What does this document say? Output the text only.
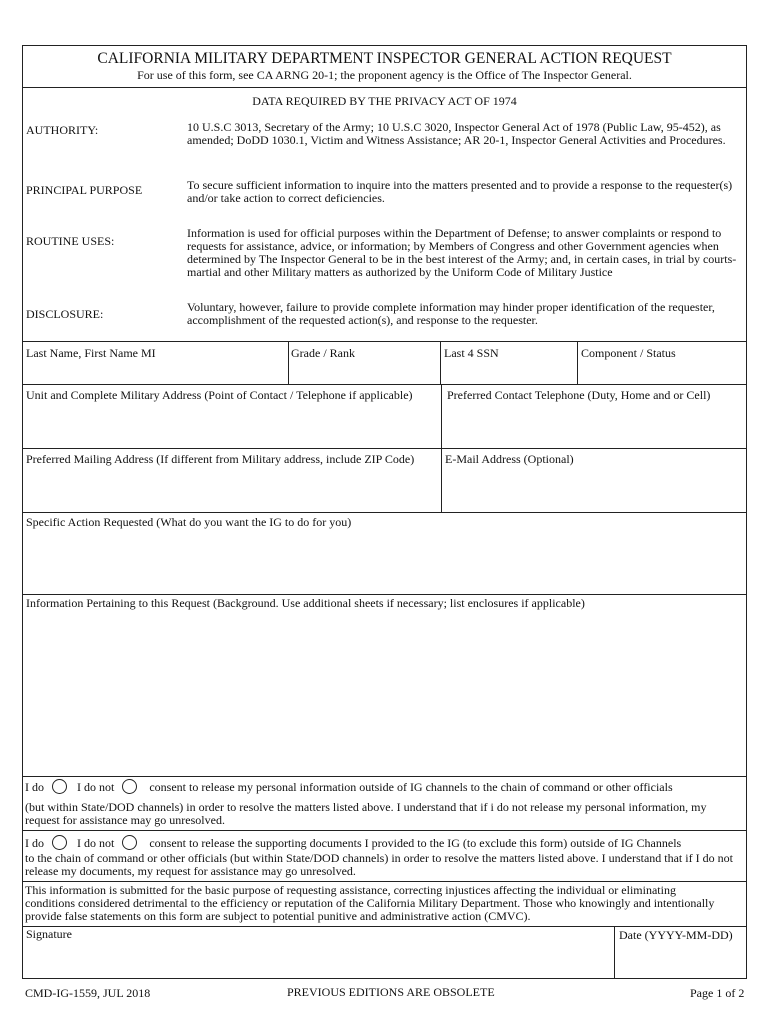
CALIFORNIA MILITARY DEPARTMENT INSPECTOR GENERAL ACTION REQUEST
For use of this form, see CA ARNG 20-1; the proponent agency is the Office of The Inspector General.
DATA REQUIRED BY THE PRIVACY ACT OF 1974
AUTHORITY:	10 U.S.C 3013, Secretary of the Army; 10 U.S.C 3020, Inspector General Act of 1978 (Public Law, 95-452), as amended; DoDD 1030.1, Victim and Witness Assistance; AR 20-1, Inspector General Activities and Procedures.
PRINCIPAL PURPOSE	To secure sufficient information to inquire into the matters presented and to provide a response to the requester(s) and/or take action to correct deficiencies.
ROUTINE USES:
Information is used for official purposes within the Department of Defense; to answer complaints or respond to requests for assistance, advice, or information; by Members of Congress and other Government agencies when determined by The Inspector General to be in the best interest of the Army; and, in certain cases, in trial by courts-martial and other Military matters as authorized by the Uniform Code of Military Justice
DISCLOSURE:	Voluntary, however, failure to provide complete information may hinder proper identification of the requester, accomplishment of the requested action(s), and response to the requester.
Last Name, First Name MI	Grade / Rank	Last 4 SSN	Component / Status
Unit and Complete Military Address (Point of Contact / Telephone if applicable)	Preferred Contact Telephone (Duty, Home and or Cell)
Preferred Mailing Address (If different from Military address, include ZIP Code)	E-Mail Address (Optional)
Specific Action Requested (What do you want the IG to do for you)
Information Pertaining to this Request (Background. Use additional sheets if necessary; list enclosures if applicable)
I do	I do not	consent to release my personal information outside of IG channels to the chain of command or other officials
(but within State/DOD channels) in order to resolve the matters listed above. I understand that if i do not release my personal information, my request for assistance may go unresolved.
I do	I do not	consent to release the supporting documents I provided to the IG (to exclude this form) outside of IG Channels
to the chain of command or other officials (but within State/DOD channels) in order to resolve the matters listed above. I understand that if I do not release my documents, my request for assistance may go unresolved.
This information is submitted for the basic purpose of requesting assistance, correcting injustices affecting the individual or eliminating conditions considered detrimental to the efficiency or reputation of the California Military Department. Those who knowingly and intentionally provide false statements on this form are subject to potential punitive and administrative action (CMVC).
Signature	Date (YYYY-MM-DD)
CMD-IG-1559, JUL 2018	PREVIOUS EDITIONS ARE OBSOLETE	Page 1 of 2
